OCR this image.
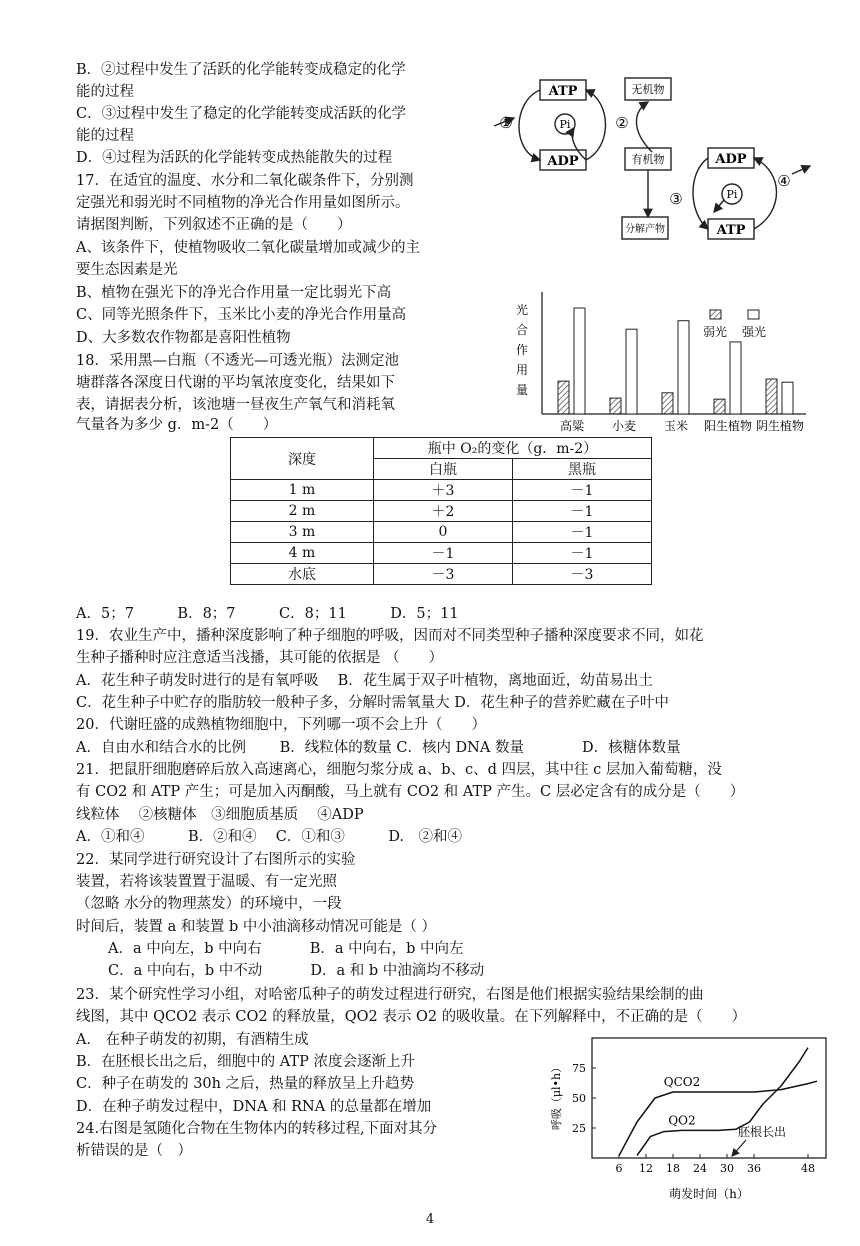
B．②过程中发生了活跃的化学能转变成稳定的化学
能的过程
C．③过程中发生了稳定的化学能转变成活跃的化学
能的过程
D．④过程为活跃的化学能转变成热能散失的过程
17．在适宜的温度、水分和二氧化碳条件下，分别测
定强光和弱光时不同植物的净光合作用量如图所示。
请据图判断，下列叙述不正确的是（　　）
A、该条件下，使植物吸收二氧化碳量增加或减少的主
要生态因素是光
B、植物在强光下的净光合作用量一定比弱光下高
C、同等光照条件下，玉米比小麦的净光合作用量高
D、大多数农作物都是喜阳性植物
18．采用黑—白瓶（不透光—可透光瓶）法测定池
塘群落各深度日代谢的平均氧浓度变化，结果如下
表，请据表分析，该池塘一昼夜生产氧气和消耗氧
气量各为多少 g．m-2（　　）
深度	瓶中 O₂的变化（g．m-2）	
	白瓶	黑瓶
1 m	＋3	－1
2 m	＋2	－1
3 m	0	－1
4 m	－1	－1
水底	－3	－3
A．5；7　　　B．8；7　　　C．8；11　　　D．5；11
19．农业生产中，播种深度影响了种子细胞的呼吸，因而对不同类型种子播种深度要求不同，如花
生种子播种时应注意适当浅播，其可能的依据是 （　　）
A．花生种子萌发时进行的是有氧呼吸　 B．花生属于双子叶植物，离地面近，幼苗易出土
C．花生种子中贮存的脂肪较一般种子多，分解时需氧量大 D．花生种子的营养贮藏在子叶中
20．代谢旺盛的成熟植物细胞中，下列哪一项不会上升（　　）
A．自由水和结合水的比例　　 B．线粒体的数量 C．核内 DNA 数量　　　　D．核糖体数量
21．把鼠肝细胞磨碎后放入高速离心，细胞匀浆分成 a、b、c、d 四层，其中往 c 层加入葡萄糖，没
有 CO2 和 ATP 产生；可是加入丙酮酸，马上就有 CO2 和 ATP 产生。C 层必定含有的成分是（　　）
线粒体　 ②核糖体　③细胞质基质　 ④ADP
A．①和④　　　B．②和④　 C．①和③　　　D.　②和④
22．某同学进行研究设计了右图所示的实验
装置，若将该装置置于温暖、有一定光照
（忽略 水分的物理蒸发）的环境中，一段
时间后，装置 a 和装置 b 中小油滴移动情况可能是（ ）
A．a 中向左，b 中向右　　　 B．a 中向右，b 中向左
C．a 中向右，b 中不动　　　 D．a 和 b 中油滴均不移动
23．某个研究性学习小组，对哈密瓜种子的萌发过程进行研究，右图是他们根据实验结果绘制的曲
线图，其中 QCO2 表示 CO2 的释放量，QO2 表示 O2 的吸收量。在下列解释中，不正确的是（　　）
A． 在种子萌发的初期，有酒精生成
B．在胚根长出之后，细胞中的 ATP 浓度会逐渐上升
C．种子在萌发的 30h 之后，热量的释放呈上升趋势
D．在种子萌发过程中，DNA 和 RNA 的总量都在增加
24.右图是氢随化合物在生物体内的转移过程,下面对其分
析错误的是（　）
4
ATP
ADP
Pi
无机物
有机物
分解产物
ADP
ATP
Pi
①	②
③
④
光
合
作
用
量
弱光 强光
高粱 小麦 玉米 阳生植物 阴生植物
呼吸（μl•h）
萌发时间（h）
6 12 18 24 30 36	48
25
50
75
QCO2
QO2
胚根长出
